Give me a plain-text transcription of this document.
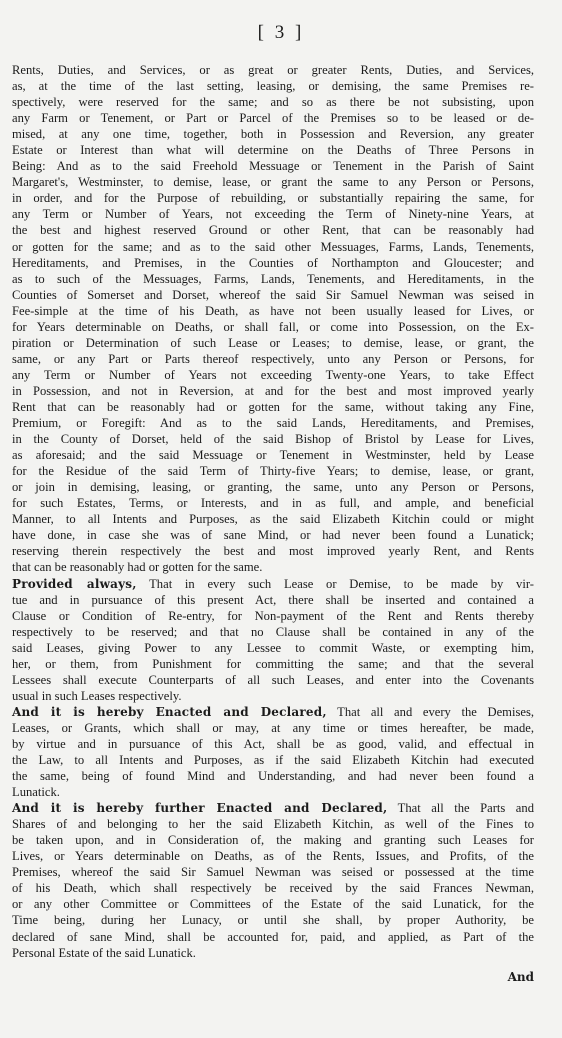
[ 3 ]
Rents, Duties, and Services, or as great or greater Rents, Duties, and Services,
as, at the time of the last setting, leasing, or demising, the same Premises re-
spectively, were reserved for the same; and so as there be not subsisting, upon
any Farm or Tenement, or Part or Parcel of the Premises so to be leased or de-
mised, at any one time, together, both in Possession and Reversion, any greater
Estate or Interest than what will determine on the Deaths of Three Persons in
Being: And as to the said Freehold Messuage or Tenement in the Parish of Saint
Margaret's, Westminster, to demise, lease, or grant the same to any Person or Persons,
in order, and for the Purpose of rebuilding, or substantially repairing the same, for
any Term or Number of Years, not exceeding the Term of Ninety-nine Years, at
the best and highest reserved Ground or other Rent, that can be reasonably had
or gotten for the same; and as to the said other Messuages, Farms, Lands, Tenements,
Hereditaments, and Premises, in the Counties of Northampton and Gloucester; and
as to such of the Messuages, Farms, Lands, Tenements, and Hereditaments, in the
Counties of Somerset and Dorset, whereof the said Sir Samuel Newman was seised in
Fee-simple at the time of his Death, as have not been usually leased for Lives, or
for Years determinable on Deaths, or shall fall, or come into Possession, on the Ex-
piration or Determination of such Lease or Leases; to demise, lease, or grant, the
same, or any Part or Parts thereof respectively, unto any Person or Persons, for
any Term or Number of Years not exceeding Twenty-one Years, to take Effect
in Possession, and not in Reversion, at and for the best and most improved yearly
Rent that can be reasonably had or gotten for the same, without taking any Fine,
Premium, or Foregift: And as to the said Lands, Hereditaments, and Premises,
in the County of Dorset, held of the said Bishop of Bristol by Lease for Lives,
as aforesaid; and the said Messuage or Tenement in Westminster, held by Lease
for the Residue of the said Term of Thirty-five Years; to demise, lease, or grant,
or join in demising, leasing, or granting, the same, unto any Person or Persons,
for such Estates, Terms, or Interests, and in as full, and ample, and beneficial
Manner, to all Intents and Purposes, as the said Elizabeth Kitchin could or might
have done, in case she was of sane Mind, or had never been found a Lunatick;
reserving therein respectively the best and most improved yearly Rent, and Rents
that can be reasonably had or gotten for the same.
Provided always, That in every such Lease or Demise, to be made by vir-
tue and in pursuance of this present Act, there shall be inserted and contained a
Clause or Condition of Re-entry, for Non-payment of the Rent and Rents thereby
respectively to be reserved; and that no Clause shall be contained in any of the
said Leases, giving Power to any Lessee to commit Waste, or exempting him,
her, or them, from Punishment for committing the same; and that the several
Lessees shall execute Counterparts of all such Leases, and enter into the Covenants
usual in such Leases respectively.
And it is hereby Enacted and Declared, That all and every the Demises,
Leases, or Grants, which shall or may, at any time or times hereafter, be made,
by virtue and in pursuance of this Act, shall be as good, valid, and effectual in
the Law, to all Intents and Purposes, as if the said Elizabeth Kitchin had executed
the same, being of found Mind and Understanding, and had never been found a
Lunatick.
And it is hereby further Enacted and Declared, That all the Parts and
Shares of and belonging to her the said Elizabeth Kitchin, as well of the Fines to
be taken upon, and in Consideration of, the making and granting such Leases for
Lives, or Years determinable on Deaths, as of the Rents, Issues, and Profits, of the
Premises, whereof the said Sir Samuel Newman was seised or possessed at the time
of his Death, which shall respectively be received by the said Frances Newman,
or any other Committee or Committees of the Estate of the said Lunatick, for the
Time being, during her Lunacy, or until she shall, by proper Authority, be
declared of sane Mind, shall be accounted for, paid, and applied, as Part of the
Personal Estate of the said Lunatick.
And
